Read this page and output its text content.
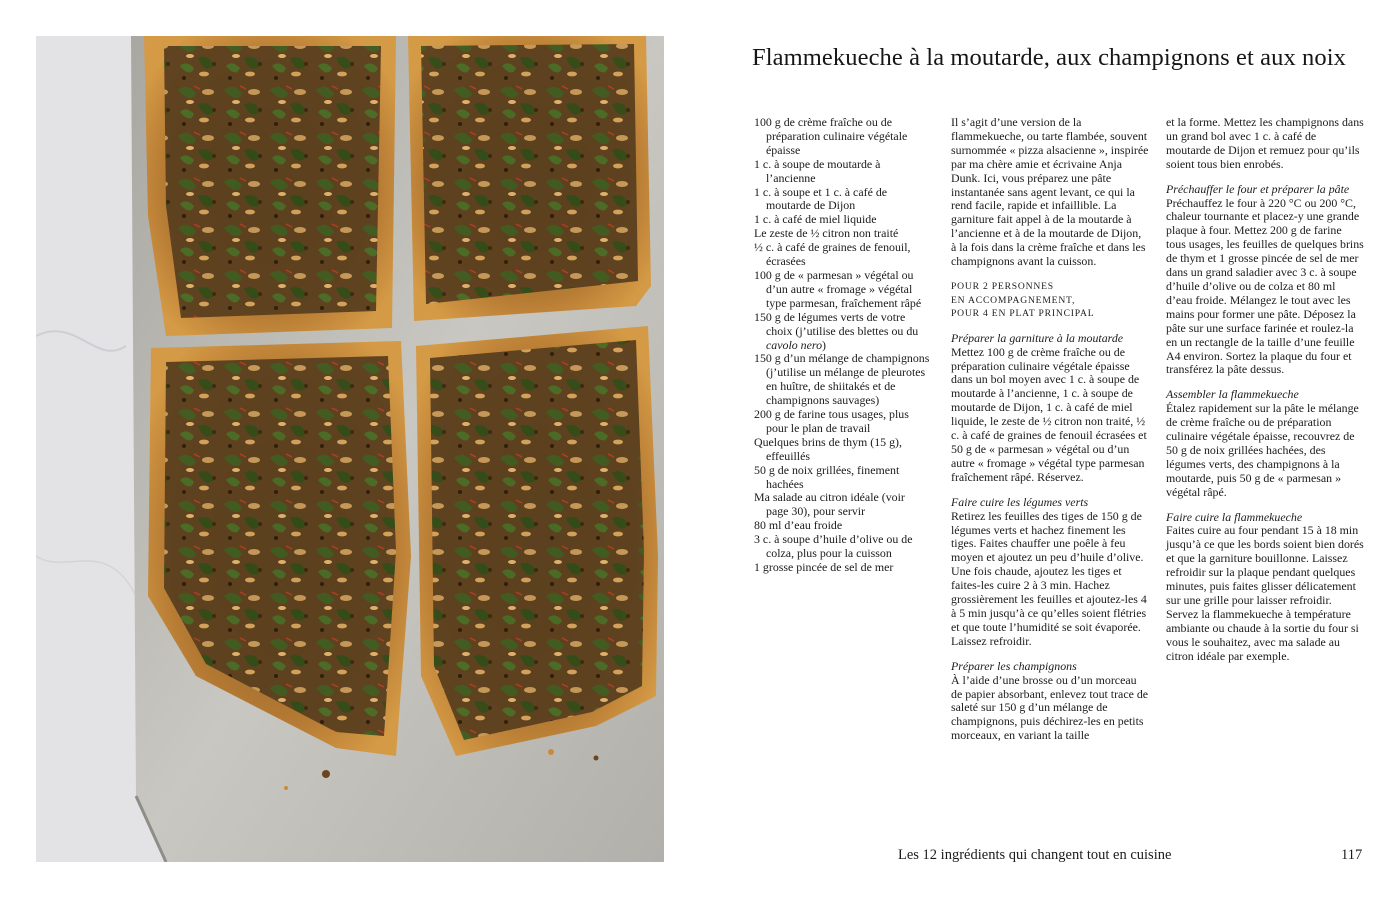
Flammekueche à la moutarde, aux champignons et aux noix

100 g de crème fraîche ou de préparation culinaire végétale épaisse

1 c. à soupe de moutarde à l’ancienne

1 c. à soupe et 1 c. à café de moutarde de Dijon

1 c. à café de miel liquide

Le zeste de ½ citron non traité

½ c. à café de graines de fenouil, écrasées

100 g de « parmesan » végétal ou d’un autre « fromage » végétal type parmesan, fraîchement râpé

150 g de légumes verts de votre choix (j’utilise des blettes ou du cavolo nero)

150 g d’un mélange de champignons (j’utilise un mélange de pleurotes en huître, de shiitakés et de champignons sauvages)

200 g de farine tous usages, plus pour le plan de travail

Quelques brins de thym (15 g), effeuillés

50 g de noix grillées, finement hachées

Ma salade au citron idéale (voir page 30), pour servir

80 ml d’eau froide

3 c. à soupe d’huile d’olive ou de colza, plus pour la cuisson

1 grosse pincée de sel de mer

Il s’agit d’une version de la flammekueche, ou tarte flambée, souvent surnommée « pizza alsacienne », inspirée par ma chère amie et écrivaine Anja Dunk. Ici, vous préparez une pâte instantanée sans agent levant, ce qui la rend facile, rapide et infaillible. La garniture fait appel à de la moutarde à l’ancienne et à de la moutarde de Dijon, à la fois dans la crème fraîche et dans les champignons avant la cuisson.

POUR 2 PERSONNES

EN ACCOMPAGNEMENT,

POUR 4 EN PLAT PRINCIPAL

Préparer la garniture à la moutarde

Mettez 100 g de crème fraîche ou de préparation culinaire végétale épaisse dans un bol moyen avec 1 c. à soupe de moutarde à l’ancienne, 1 c. à soupe de moutarde de Dijon, 1 c. à café de miel liquide, le zeste de ½ citron non traité, ½ c. à café de graines de fenouil écrasées et 50 g de « parmesan » végétal ou d’un autre « fromage » végétal type parmesan fraîchement râpé. Réservez.

Faire cuire les légumes verts

Retirez les feuilles des tiges de 150 g de légumes verts et hachez finement les tiges. Faites chauffer une poêle à feu moyen et ajoutez un peu d’huile d’olive. Une fois chaude, ajoutez les tiges et faites-les cuire 2 à 3 min. Hachez grossièrement les feuilles et ajoutez-les 4 à 5 min jusqu’à ce qu’elles soient flétries et que toute l’humidité se soit évaporée. Laissez refroidir.

Préparer les champignons

À l’aide d’une brosse ou d’un morceau de papier absorbant, enlevez tout trace de saleté sur 150 g d’un mélange de champignons, puis déchirez-les en petits morceaux, en variant la taille

et la forme. Mettez les champignons dans un grand bol avec 1 c. à café de moutarde de Dijon et remuez pour qu’ils soient tous bien enrobés.

Préchauffer le four et préparer la pâte

Préchauffez le four à 220 °C ou 200 °C, chaleur tournante et placez-y une grande plaque à four. Mettez 200 g de farine tous usages, les feuilles de quelques brins de thym et 1 grosse pincée de sel de mer dans un grand saladier avec 3 c. à soupe d’huile d’olive ou de colza et 80 ml d’eau froide. Mélangez le tout avec les mains pour former une pâte. Déposez la pâte sur une surface farinée et roulez-la en un rectangle de la taille d’une feuille A4 environ. Sortez la plaque du four et transférez la pâte dessus.

Assembler la flammekueche

Étalez rapidement sur la pâte le mélange de crème fraîche ou de préparation culinaire végétale épaisse, recouvrez de 50 g de noix grillées hachées, des légumes verts, des champignons à la moutarde, puis 50 g de « parmesan » végétal râpé.

Faire cuire la flammekueche

Faites cuire au four pendant 15 à 18 min jusqu’à ce que les bords soient bien dorés et que la garniture bouillonne. Laissez refroidir sur la plaque pendant quelques minutes, puis faites glisser délicatement sur une grille pour laisser refroidir. Servez la flammekueche à température ambiante ou chaude à la sortie du four si vous le souhaitez, avec ma salade au citron idéale par exemple.

Les 12 ingrédients qui changent tout en cuisine	117
